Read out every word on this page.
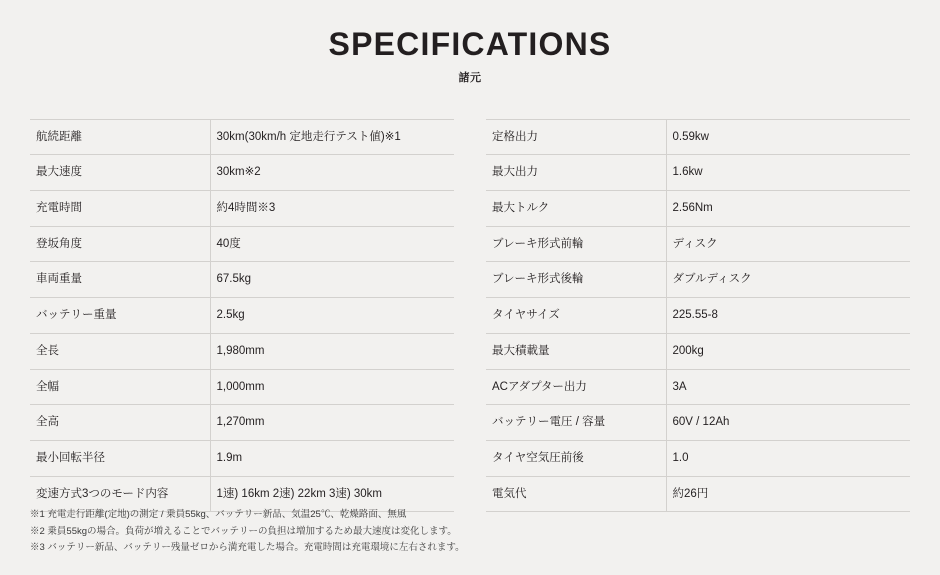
SPECIFICATIONS

諸元

航続距離	30km(30km/h 定地走行テスト値)※1
最大速度	30km※2
充電時間	約4時間※3
登坂角度	40度
車両重量	67.5kg
バッテリー重量	2.5kg
全長	1,980mm
全幅	1,000mm
全高	1,270mm
最小回転半径	1.9m
変速方式3つのモード内容	1速) 16km 2速) 22km 3速) 30km
定格出力	0.59kw
最大出力	1.6kw
最大トルク	2.56Nm
ブレーキ形式前輪	ディスク
ブレーキ形式後輪	ダブルディスク
タイヤサイズ	225.55-8
最大積載量	200kg
ACアダプター出力	3A
バッテリー電圧 / 容量	60V / 12Ah
タイヤ空気圧前後	1.0
電気代	約26円
※1 充電走行距離(定地)の測定 / 乗員55kg、バッテリー新品、気温25℃、乾燥路面、無風
※2 乗員55kgの場合。負荷が増えることでバッテリーの負担は増加するため最大速度は変化します。
※3 バッテリー新品、バッテリー残量ゼロから満充電した場合。充電時間は充電環境に左右されます。
